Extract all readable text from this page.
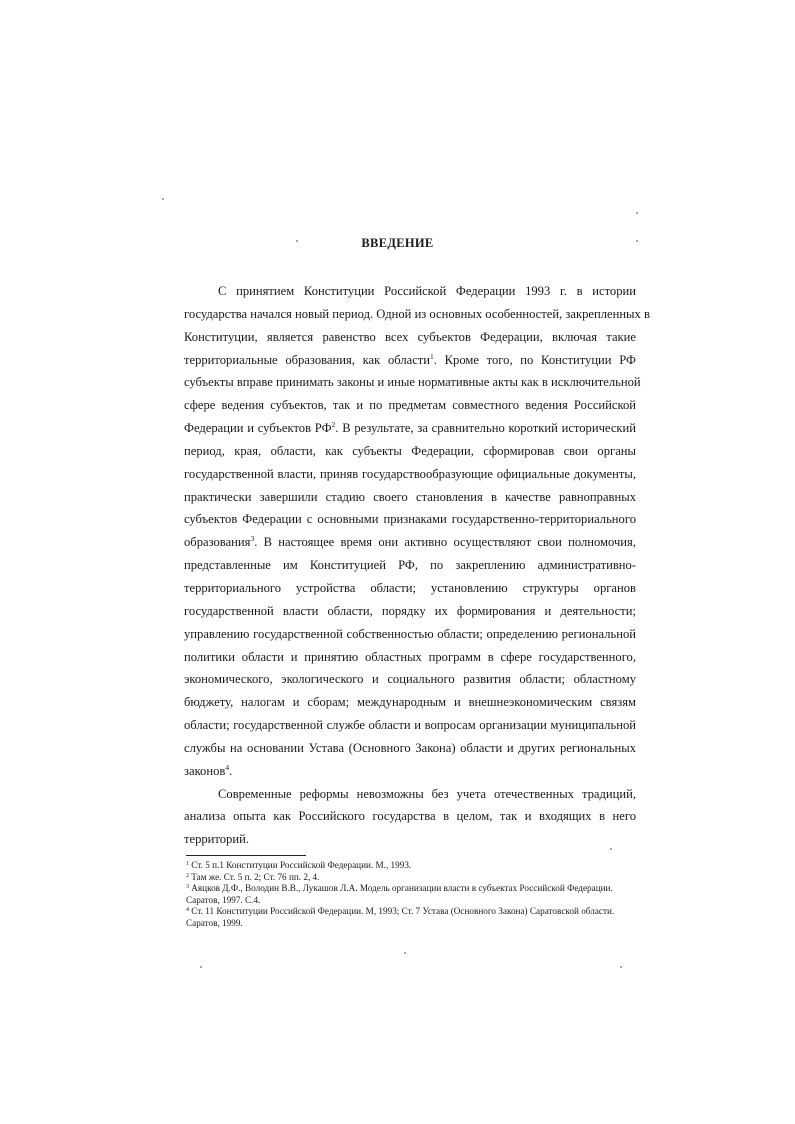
ВВЕДЕНИЕ
С принятием Конституции Российской Федерации 1993 г. в истории
государства начался новый период. Одной из основных особенностей, закрепленных в
Конституции, является равенство всех субъектов Федерации, включая такие
территориальные образования, как области$^1$. Кроме того, по Конституции РФ
субъекты вправе принимать законы и иные нормативные акты как в исключительной
сфере ведения субъектов, так и по предметам совместного ведения Российской
Федерации и субъектов $РФ^2$. В результате, за сравнительно короткий исторический
период, края, области, как субъекты Федерации, сформировав свои органы
государственной власти, приняв государствообразующие официальные документы,
практически завершили стадию своего становления в качестве равноправных
субъектов Федерации с основными признаками государственно-территориального
образования$^3$. В настоящее время они активно осуществляют свои полномочия,
представленные им Конституцией РФ, по закреплению административно-
территориального устройства области; установлению структуры органов
государственной власти области, порядку их формирования и деятельности;
управлению государственной собственностью области; определению региональной
политики области и принятию областных программ в сфере государственного,
экономического, экологического и социального развития области; областному
бюджету, налогам и сборам; международным и внешнеэкономическим связям
области; государственной службе области и вопросам организации муниципальной
службы на основании Устава (Основного Закона) области и других региональных
законов$^4$.
Современные реформы невозможны без учета отечественных традиций,
анализа опыта как Российского государства в целом, так и входящих в него
территорий.
$^1$ Ст. 5 п.1 Конституции Российской Федерации. М., 1993.
$^2$ Там же. Ст. 5 п. 2; Ст. 76 пп. 2, 4.
$^3$ Аяцков Д.Ф., Володин В.В., Лукашов Л.А. Модель организации власти в субъектах Российской Федерации.
Саратов, 1997. С.4.
$^4$ Ст. 11 Конституции Российской Федерации. М, 1993; Ст. 7 Устава (Основного Закона) Саратовской области.
Саратов, 1999.
